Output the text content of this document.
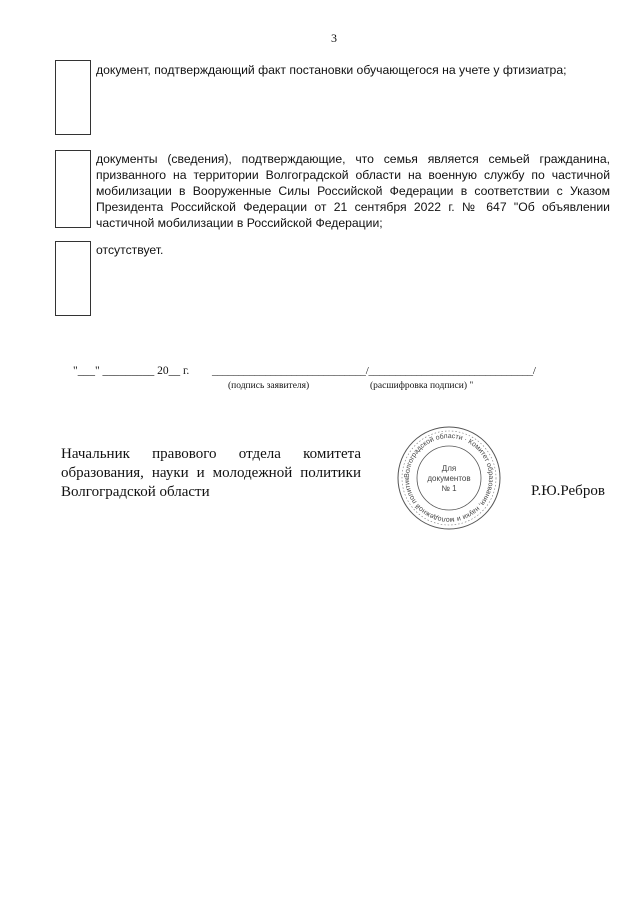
3
документ, подтверждающий факт постановки обучающегося на учете у фтизиатра;
документы (сведения), подтверждающие, что семья является семьей гражданина, призванного на территории Волгоградской области на военную службу по частичной мобилизации в Вооруженные Силы Российской Федерации в соответствии с Указом Президента Российской Федерации от 21 сентября 2022 г. № 647 "Об объявлении частичной мобилизации в Российской Федерации;
отсутствует.
"___" _________ 20__ г. _____________________________/_______________________________/
(подпись заявителя)	(расшифровка подписи) "
Начальник правового отдела комитета образования, науки и молодежной политики Волгоградской области	Р.Ю.Ребров
Волгоградской области · Комитет образования, науки и молодежной политик
Для
документов
№ 1
